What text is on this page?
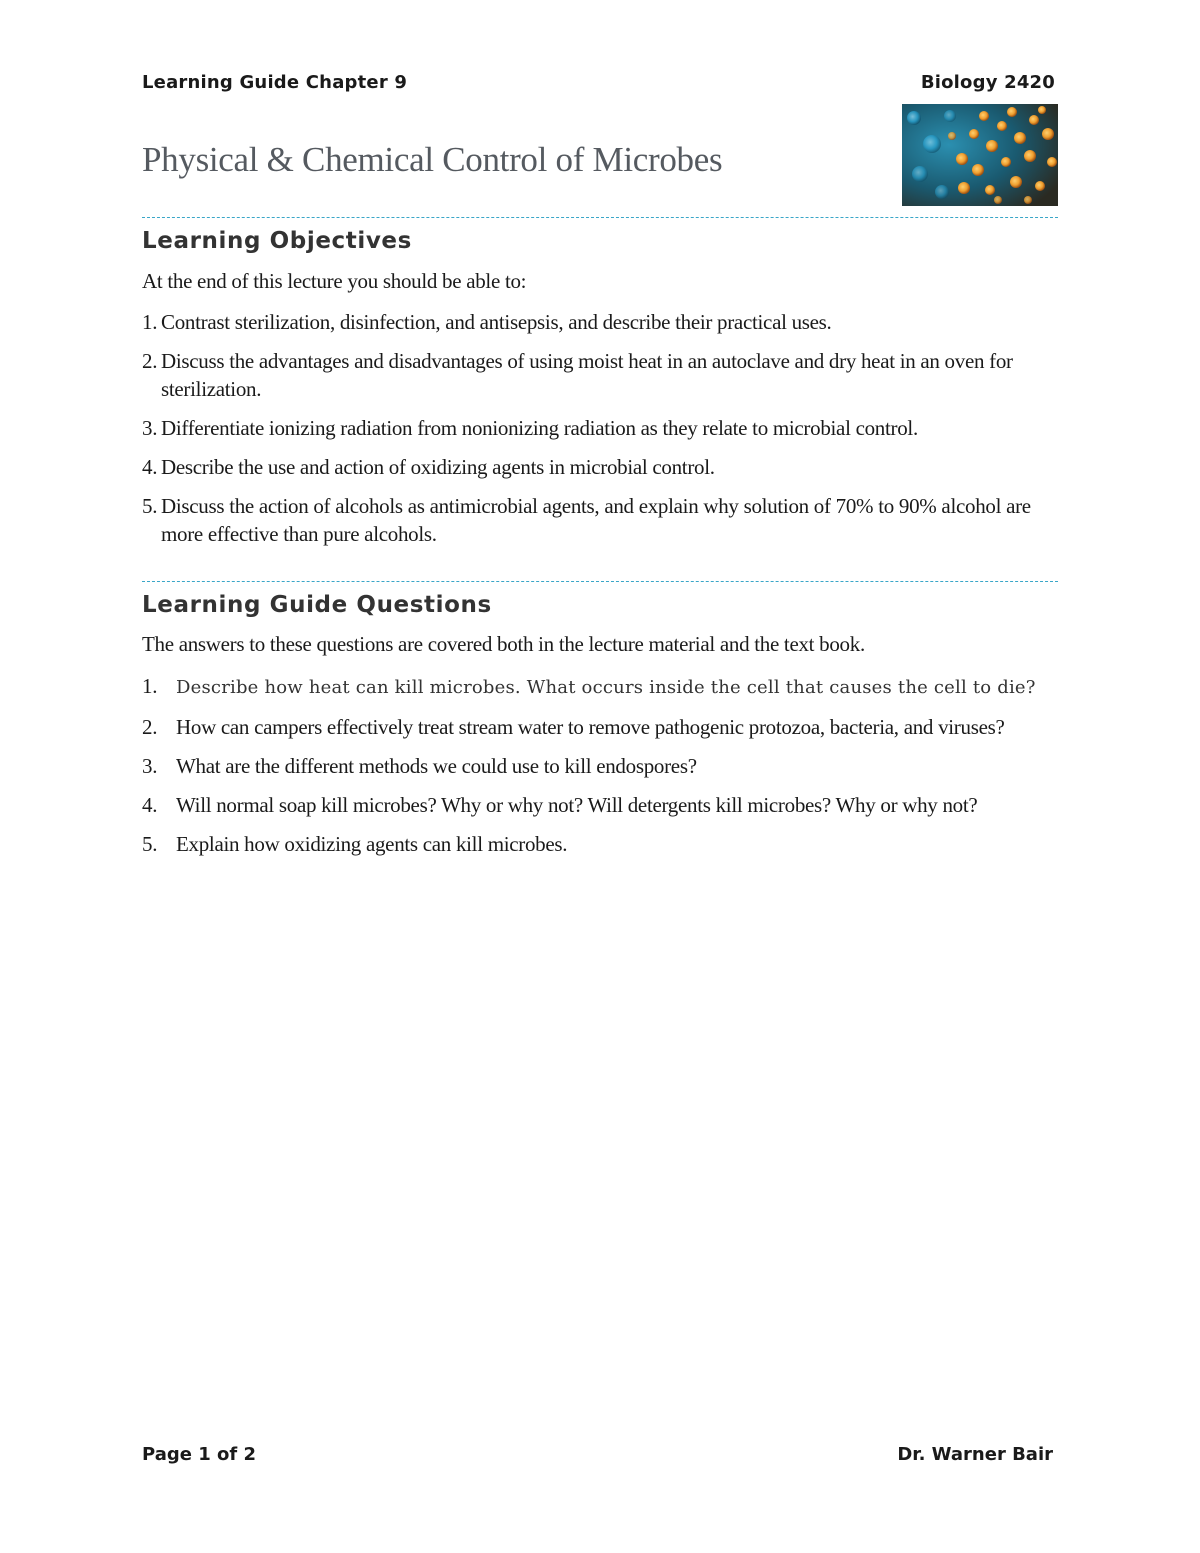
Learning Guide Chapter 9	Biology 2420
Physical & Chemical Control of Microbes
Learning Objectives
At the end of this lecture you should be able to:
1. Contrast sterilization, disinfection, and antisepsis, and describe their practical uses.
2. Discuss the advantages and disadvantages of using moist heat in an autoclave and dry heat in an oven for sterilization.
3. Differentiate ionizing radiation from nonionizing radiation as they relate to microbial control.
4. Describe the use and action of oxidizing agents in microbial control.
5. Discuss the action of alcohols as antimicrobial agents, and explain why solution of 70% to 90% alcohol are more effective than pure alcohols.
Learning Guide Questions
The answers to these questions are covered both in the lecture material and the text book.
1. Describe how heat can kill microbes. What occurs inside the cell that causes the cell to die?
2. How can campers effectively treat stream water to remove pathogenic protozoa, bacteria, and viruses?
3. What are the different methods we could use to kill endospores?
4. Will normal soap kill microbes? Why or why not? Will detergents kill microbes? Why or why not?
5. Explain how oxidizing agents can kill microbes.
Page 1 of 2	Dr. Warner Bair
